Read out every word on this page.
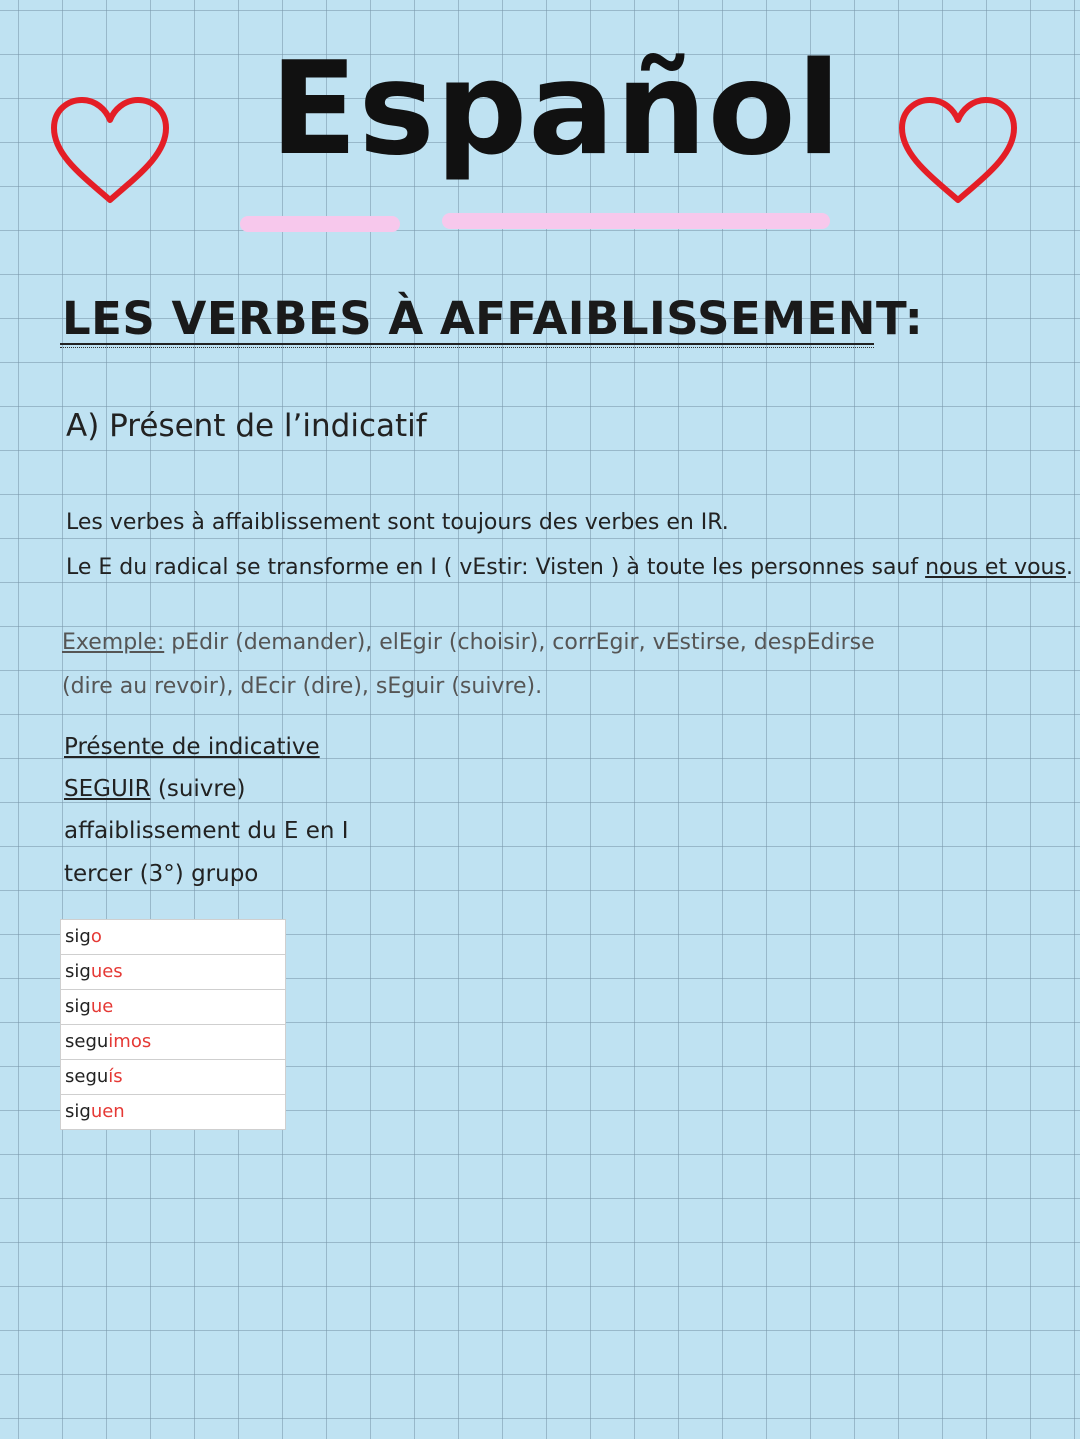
Español
LES VERBES À AFFAIBLISSEMENT:
A) Présent de l’indicatif
Les verbes à affaiblissement sont toujours des verbes en IR.
Le E du radical se transforme en I ( vEstir: Visten ) à toute les personnes sauf nous et vous.
Exemple: pEdir (demander), elEgir (choisir), corrEgir, vEstirse, despEdirse
(dire au revoir), dEcir (dire), sEguir (suivre).
Présente de indicative
SEGUIR (suivre)
affaiblissement du E en I
tercer (3°) grupo
sigo
sigues
sigue
seguimos
seguís
siguen
